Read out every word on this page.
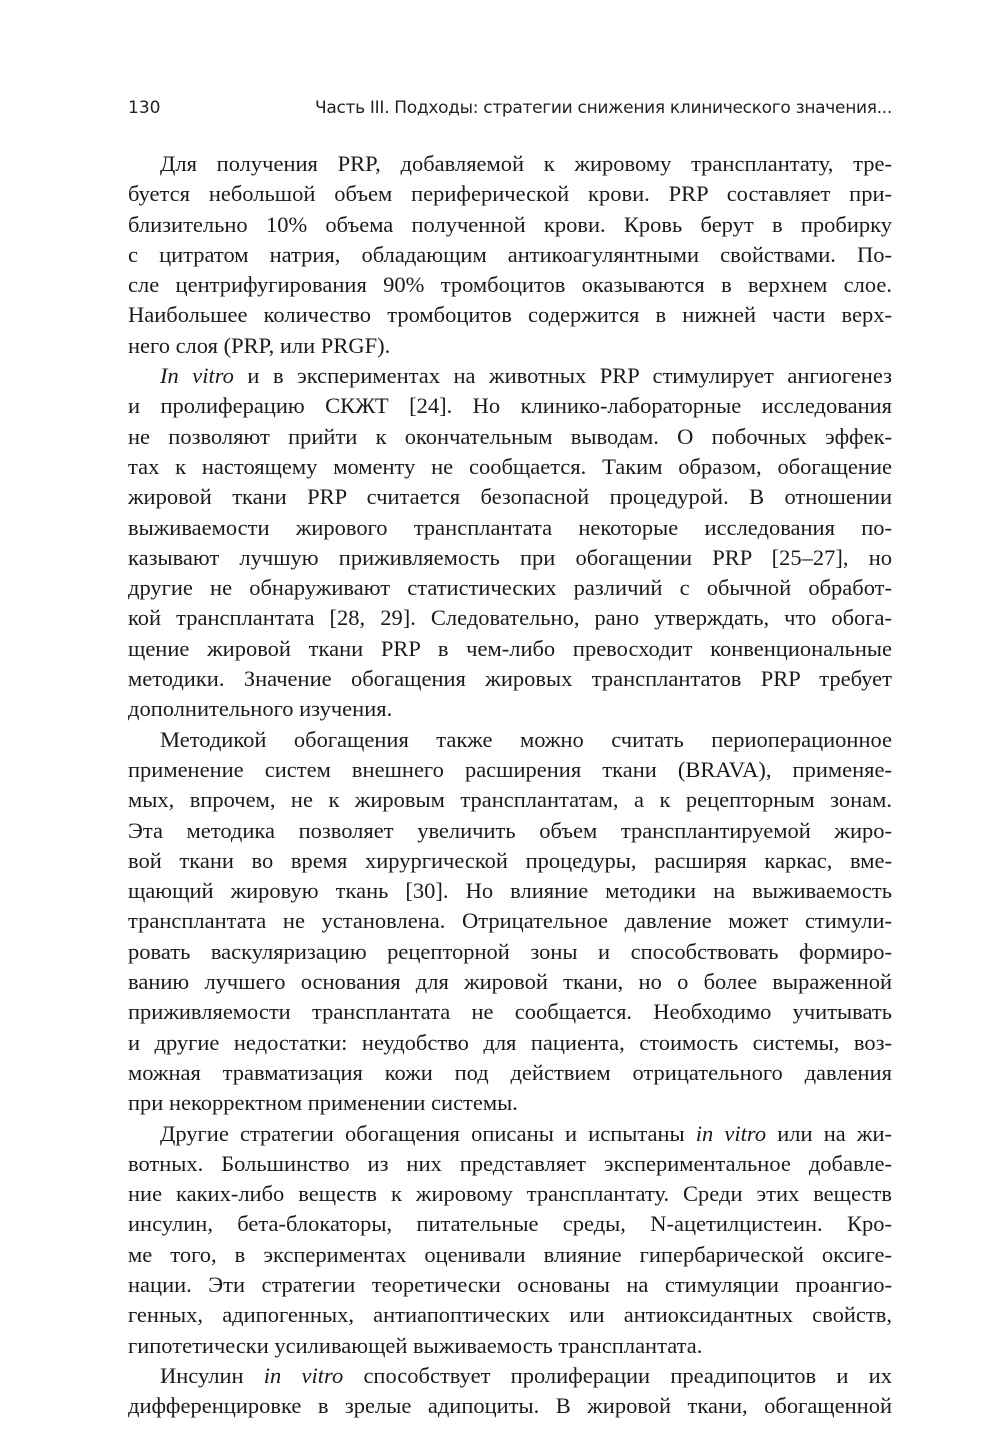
130	Часть III. Подходы: стратегии снижения клинического значения...
Для получения PRP, добавляемой к жировому трансплантату, тре-
буется небольшой объем периферической крови. PRP составляет при-
близительно 10% объема полученной крови. Кровь берут в пробирку
с цитратом натрия, обладающим антикоагулянтными свойствами. По-
сле центрифугирования 90% тромбоцитов оказываются в верхнем слое.
Наибольшее количество тромбоцитов содержится в нижней части верх-
него слоя (PRP, или PRGF).
In vitro и в экспериментах на животных PRP стимулирует ангиогенез
и пролиферацию СКЖТ [24]. Но клинико-лабораторные исследования
не позволяют прийти к окончательным выводам. О побочных эффек-
тах к настоящему моменту не сообщается. Таким образом, обогащение
жировой ткани PRP считается безопасной процедурой. В отношении
выживаемости жирового трансплантата некоторые исследования по-
казывают лучшую приживляемость при обогащении PRP [25–27], но
другие не обнаруживают статистических различий с обычной обработ-
кой трансплантата [28, 29]. Следовательно, рано утверждать, что обога-
щение жировой ткани PRP в чем-либо превосходит конвенциональные
методики. Значение обогащения жировых трансплантатов PRP требует
дополнительного изучения.
Методикой обогащения также можно считать периоперационное
применение систем внешнего расширения ткани (BRAVA), применяе-
мых, впрочем, не к жировым трансплантатам, а к рецепторным зонам.
Эта методика позволяет увеличить объем трансплантируемой жиро-
вой ткани во время хирургической процедуры, расширяя каркас, вме-
щающий жировую ткань [30]. Но влияние методики на выживаемость
трансплантата не установлена. Отрицательное давление может стимули-
ровать васкуляризацию рецепторной зоны и способствовать формиро-
ванию лучшего основания для жировой ткани, но о более выраженной
приживляемости трансплантата не сообщается. Необходимо учитывать
и другие недостатки: неудобство для пациента, стоимость системы, воз-
можная травматизация кожи под действием отрицательного давления
при некорректном применении системы.
Другие стратегии обогащения описаны и испытаны in vitro или на жи-
вотных. Большинство из них представляет экспериментальное добавле-
ние каких-либо веществ к жировому трансплантату. Среди этих веществ
инсулин, бета-блокаторы, питательные среды, N-ацетилцистеин. Кро-
ме того, в экспериментах оценивали влияние гипербарической оксиге-
нации. Эти стратегии теоретически основаны на стимуляции проангио-
генных, адипогенных, антиапоптических или антиоксидантных свойств,
гипотетически усиливающей выживаемость трансплантата.
Инсулин in vitro способствует пролиферации преадипоцитов и их
дифференцировке в зрелые адипоциты. В жировой ткани, обогащенной
